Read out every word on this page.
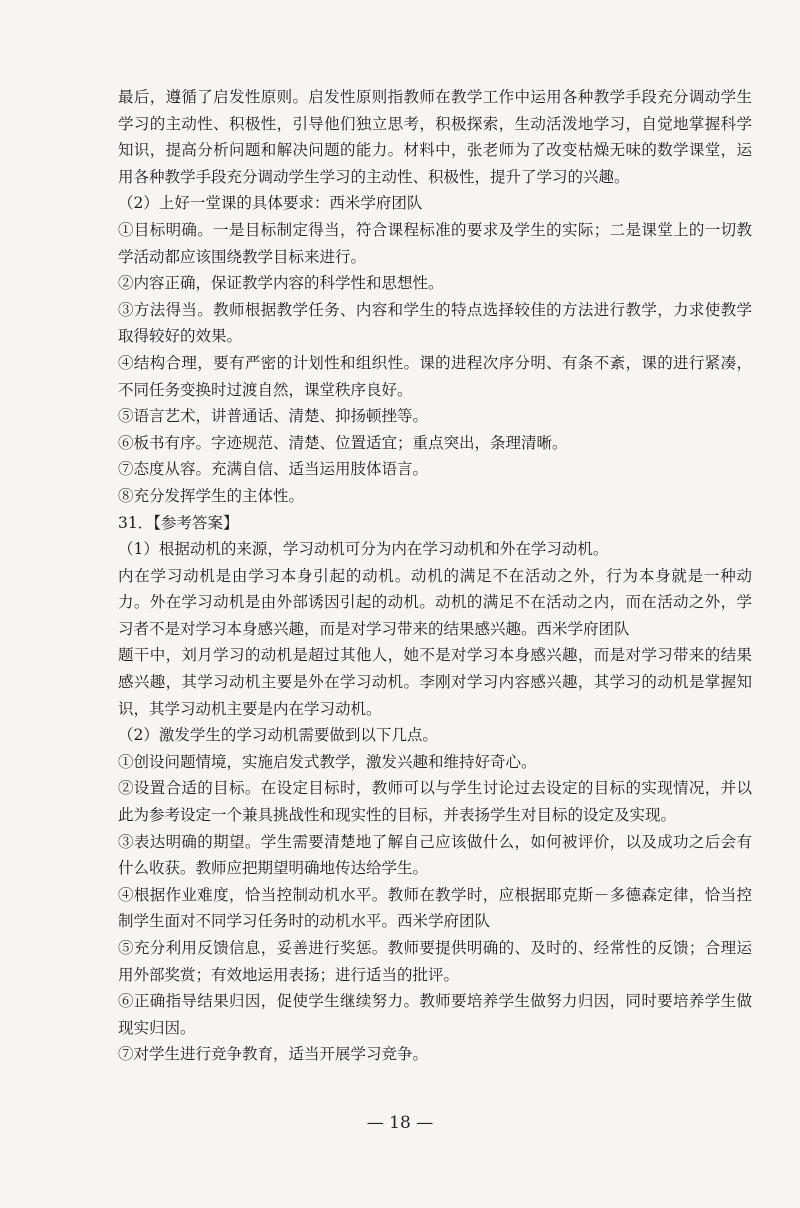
最后，遵循了启发性原则。启发性原则指教师在教学工作中运用各种教学手段充分调动学生学习的主动性、积极性，引导他们独立思考，积极探索，生动活泼地学习，自觉地掌握科学知识，提高分析问题和解决问题的能力。材料中，张老师为了改变枯燥无味的数学课堂，运用各种教学手段充分调动学生学习的主动性、积极性，提升了学习的兴趣。

（2）上好一堂课的具体要求：西米学府团队

①目标明确。一是目标制定得当，符合课程标准的要求及学生的实际；二是课堂上的一切教学活动都应该围绕教学目标来进行。

②内容正确，保证教学内容的科学性和思想性。

③方法得当。教师根据教学任务、内容和学生的特点选择较佳的方法进行教学，力求使教学取得较好的效果。

④结构合理，要有严密的计划性和组织性。课的进程次序分明、有条不紊，课的进行紧凑，不同任务变换时过渡自然，课堂秩序良好。

⑤语言艺术，讲普通话、清楚、抑扬顿挫等。

⑥板书有序。字迹规范、清楚、位置适宜；重点突出，条理清晰。

⑦态度从容。充满自信、适当运用肢体语言。

⑧充分发挥学生的主体性。

31．【参考答案】

（1）根据动机的来源，学习动机可分为内在学习动机和外在学习动机。

内在学习动机是由学习本身引起的动机。动机的满足不在活动之外，行为本身就是一种动力。外在学习动机是由外部诱因引起的动机。动机的满足不在活动之内，而在活动之外，学习者不是对学习本身感兴趣，而是对学习带来的结果感兴趣。西米学府团队

题干中，刘月学习的动机是超过其他人，她不是对学习本身感兴趣，而是对学习带来的结果感兴趣，其学习动机主要是外在学习动机。李刚对学习内容感兴趣，其学习的动机是掌握知识，其学习动机主要是内在学习动机。

（2）激发学生的学习动机需要做到以下几点。

①创设问题情境，实施启发式教学，激发兴趣和维持好奇心。

②设置合适的目标。在设定目标时，教师可以与学生讨论过去设定的目标的实现情况，并以此为参考设定一个兼具挑战性和现实性的目标，并表扬学生对目标的设定及实现。

③表达明确的期望。学生需要清楚地了解自己应该做什么，如何被评价，以及成功之后会有什么收获。教师应把期望明确地传达给学生。

④根据作业难度，恰当控制动机水平。教师在教学时，应根据耶克斯－多德森定律，恰当控制学生面对不同学习任务时的动机水平。西米学府团队

⑤充分利用反馈信息，妥善进行奖惩。教师要提供明确的、及时的、经常性的反馈；合理运用外部奖赏；有效地运用表扬；进行适当的批评。

⑥正确指导结果归因，促使学生继续努力。教师要培养学生做努力归因，同时要培养学生做现实归因。

⑦对学生进行竞争教育，适当开展学习竞争。

— 18 —
